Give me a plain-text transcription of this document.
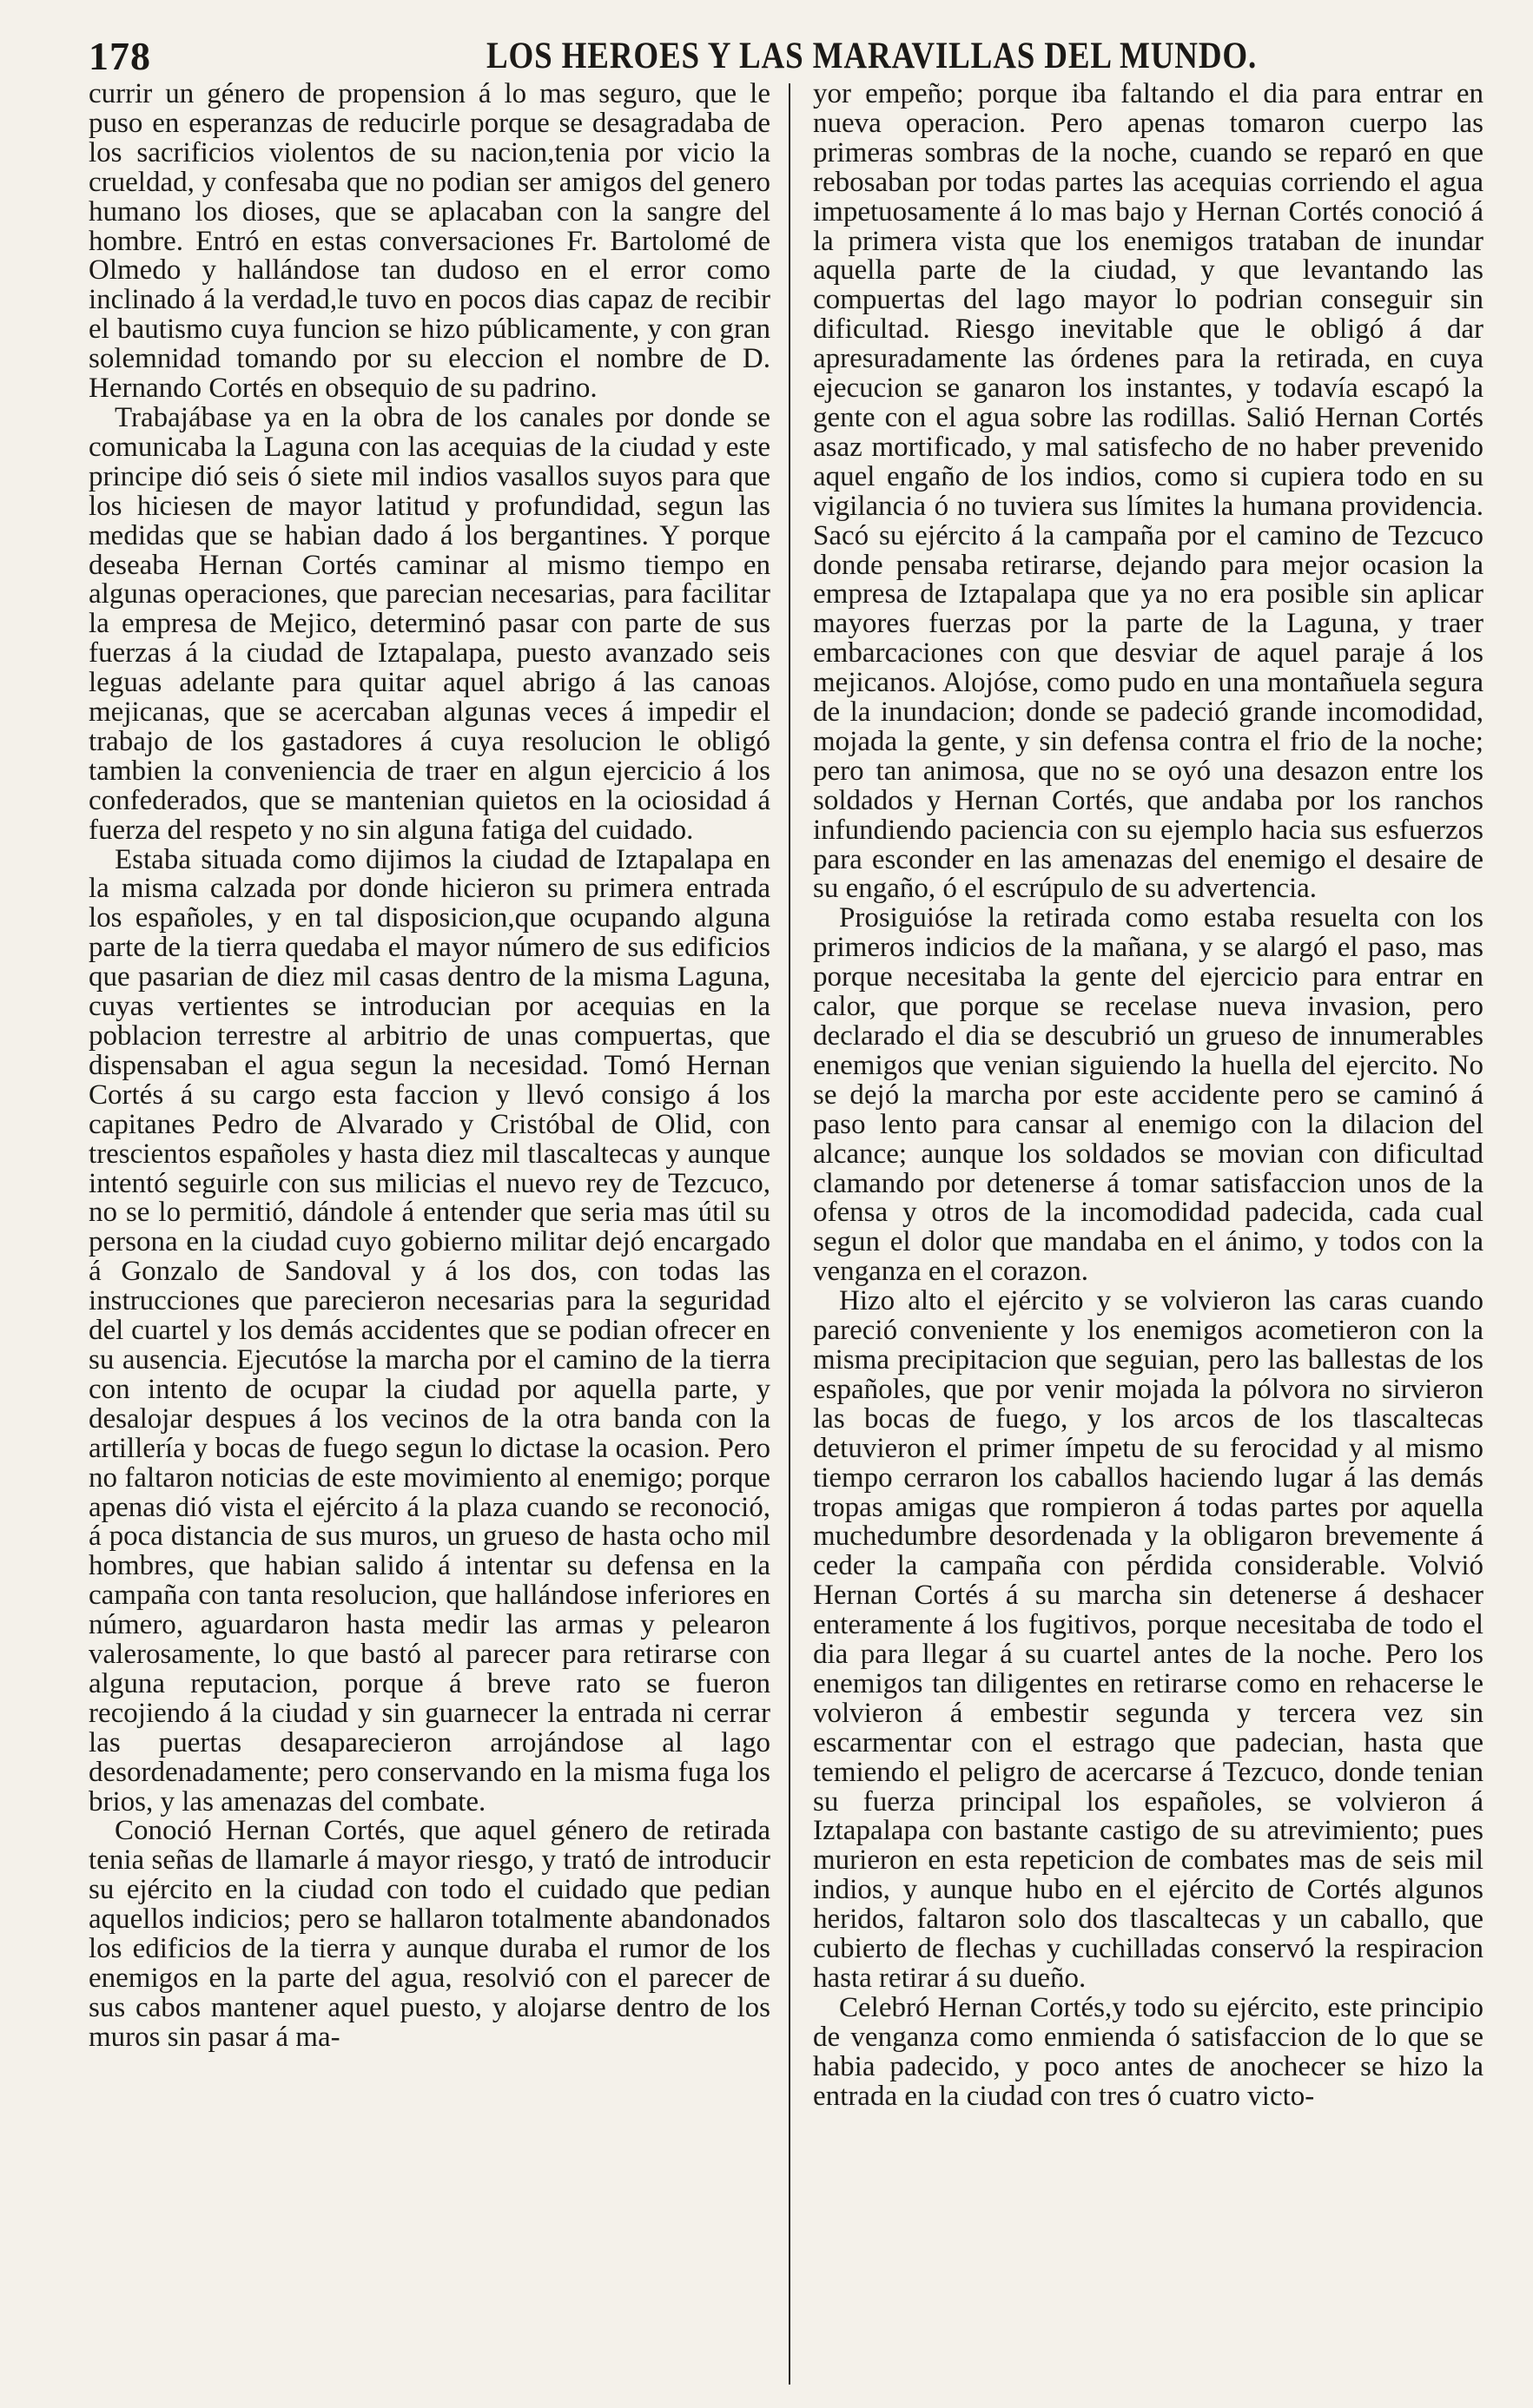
178	LOS HEROES Y LAS MARAVILLAS DEL MUNDO.

currir un género de propension á lo mas seguro, que le puso en esperanzas de reducirle porque se desagradaba de los sacrificios violentos de su nacion,tenia por vicio la crueldad, y confesaba que no podian ser amigos del genero humano los dioses, que se aplacaban con la sangre del hombre. Entró en estas conversaciones Fr. Bartolomé de Olmedo y hallándose tan dudoso en el error como inclinado á la verdad,le tuvo en pocos dias capaz de recibir el bautismo cuya funcion se hizo públicamente, y con gran solemnidad tomando por su eleccion el nombre de D. Hernando Cortés en obsequio de su padrino.

Trabajábase ya en la obra de los canales por donde se comunicaba la Laguna con las acequias de la ciudad y este principe dió seis ó siete mil indios vasallos suyos para que los hiciesen de mayor latitud y profundidad, segun las medidas que se habian dado á los bergantines. Y porque deseaba Hernan Cortés caminar al mismo tiempo en algunas operaciones, que parecian necesarias, para facilitar la empresa de Mejico, determinó pasar con parte de sus fuerzas á la ciudad de Iztapalapa, puesto avanzado seis leguas adelante para quitar aquel abrigo á las canoas mejicanas, que se acercaban algunas veces á impedir el trabajo de los gastadores á cuya resolucion le obligó tambien la conveniencia de traer en algun ejercicio á los confederados, que se mantenian quietos en la ociosidad á fuerza del respeto y no sin alguna fatiga del cuidado.

Estaba situada como dijimos la ciudad de Iztapalapa en la misma calzada por donde hicieron su primera entrada los españoles, y en tal disposicion,que ocupando alguna parte de la tierra quedaba el mayor número de sus edificios que pasarian de diez mil casas dentro de la misma Laguna, cuyas vertientes se introducian por acequias en la poblacion terrestre al arbitrio de unas compuertas, que dispensaban el agua segun la necesidad. Tomó Hernan Cortés á su cargo esta faccion y llevó consigo á los capitanes Pedro de Alvarado y Cristóbal de Olid, con trescientos españoles y hasta diez mil tlascaltecas y aunque intentó seguirle con sus milicias el nuevo rey de Tezcuco, no se lo permitió, dándole á entender que seria mas útil su persona en la ciudad cuyo gobierno militar dejó encargado á Gonzalo de Sandoval y á los dos, con todas las instrucciones que parecieron necesarias para la seguridad del cuartel y los demás accidentes que se podian ofrecer en su ausencia. Ejecutóse la marcha por el camino de la tierra con intento de ocupar la ciudad por aquella parte, y desalojar despues á los vecinos de la otra banda con la artillería y bocas de fuego segun lo dictase la ocasion. Pero no faltaron noticias de este movimiento al enemigo; porque apenas dió vista el ejército á la plaza cuando se reconoció, á poca distancia de sus muros, un grueso de hasta ocho mil hombres, que habian salido á intentar su defensa en la campaña con tanta resolucion, que hallándose inferiores en número, aguardaron hasta medir las armas y pelearon valerosamente, lo que bastó al parecer para retirarse con alguna reputacion, porque á breve rato se fueron recojiendo á la ciudad y sin guarnecer la entrada ni cerrar las puertas desaparecieron arrojándose al lago desordenadamente; pero conservando en la misma fuga los brios, y las amenazas del combate.

Conoció Hernan Cortés, que aquel género de retirada tenia señas de llamarle á mayor riesgo, y trató de introducir su ejército en la ciudad con todo el cuidado que pedian aquellos indicios; pero se hallaron totalmente abandonados los edificios de la tierra y aunque duraba el rumor de los enemigos en la parte del agua, resolvió con el parecer de sus cabos mantener aquel puesto, y alojarse dentro de los muros sin pasar á ma-

yor empeño; porque iba faltando el dia para entrar en nueva operacion. Pero apenas tomaron cuerpo las primeras sombras de la noche, cuando se reparó en que rebosaban por todas partes las acequias corriendo el agua impetuosamente á lo mas bajo y Hernan Cortés conoció á la primera vista que los enemigos trataban de inundar aquella parte de la ciudad, y que levantando las compuertas del lago mayor lo podrian conseguir sin dificultad. Riesgo inevitable que le obligó á dar apresuradamente las órdenes para la retirada, en cuya ejecucion se ganaron los instantes, y todavía escapó la gente con el agua sobre las rodillas. Salió Hernan Cortés asaz mortificado, y mal satisfecho de no haber prevenido aquel engaño de los indios, como si cupiera todo en su vigilancia ó no tuviera sus límites la humana providencia. Sacó su ejército á la campaña por el camino de Tezcuco donde pensaba retirarse, dejando para mejor ocasion la empresa de Iztapalapa que ya no era posible sin aplicar mayores fuerzas por la parte de la Laguna, y traer embarcaciones con que desviar de aquel paraje á los mejicanos. Alojóse, como pudo en una montañuela segura de la inundacion; donde se padeció grande incomodidad, mojada la gente, y sin defensa contra el frio de la noche; pero tan animosa, que no se oyó una desazon entre los soldados y Hernan Cortés, que andaba por los ranchos infundiendo paciencia con su ejemplo hacia sus esfuerzos para esconder en las amenazas del enemigo el desaire de su engaño, ó el escrúpulo de su advertencia.

Prosiguióse la retirada como estaba resuelta con los primeros indicios de la mañana, y se alargó el paso, mas porque necesitaba la gente del ejercicio para entrar en calor, que porque se recelase nueva invasion, pero declarado el dia se descubrió un grueso de innumerables enemigos que venian siguiendo la huella del ejercito. No se dejó la marcha por este accidente pero se caminó á paso lento para cansar al enemigo con la dilacion del alcance; aunque los soldados se movian con dificultad clamando por detenerse á tomar satisfaccion unos de la ofensa y otros de la incomodidad padecida, cada cual segun el dolor que mandaba en el ánimo, y todos con la venganza en el corazon.

Hizo alto el ejército y se volvieron las caras cuando pareció conveniente y los enemigos acometieron con la misma precipitacion que seguian, pero las ballestas de los españoles, que por venir mojada la pólvora no sirvieron las bocas de fuego, y los arcos de los tlascaltecas detuvieron el primer ímpetu de su ferocidad y al mismo tiempo cerraron los caballos haciendo lugar á las demás tropas amigas que rompieron á todas partes por aquella muchedumbre desordenada y la obligaron brevemente á ceder la campaña con pérdida considerable. Volvió Hernan Cortés á su marcha sin detenerse á deshacer enteramente á los fugitivos, porque necesitaba de todo el dia para llegar á su cuartel antes de la noche. Pero los enemigos tan diligentes en retirarse como en rehacerse le volvieron á embestir segunda y tercera vez sin escarmentar con el estrago que padecian, hasta que temiendo el peligro de acercarse á Tezcuco, donde tenian su fuerza principal los españoles, se volvieron á Iztapalapa con bastante castigo de su atrevimiento; pues murieron en esta repeticion de combates mas de seis mil indios, y aunque hubo en el ejército de Cortés algunos heridos, faltaron solo dos tlascaltecas y un caballo, que cubierto de flechas y cuchilladas conservó la respiracion hasta retirar á su dueño.

Celebró Hernan Cortés,y todo su ejército, este principio de venganza como enmienda ó satisfaccion de lo que se habia padecido, y poco antes de anochecer se hizo la entrada en la ciudad con tres ó cuatro victo-
